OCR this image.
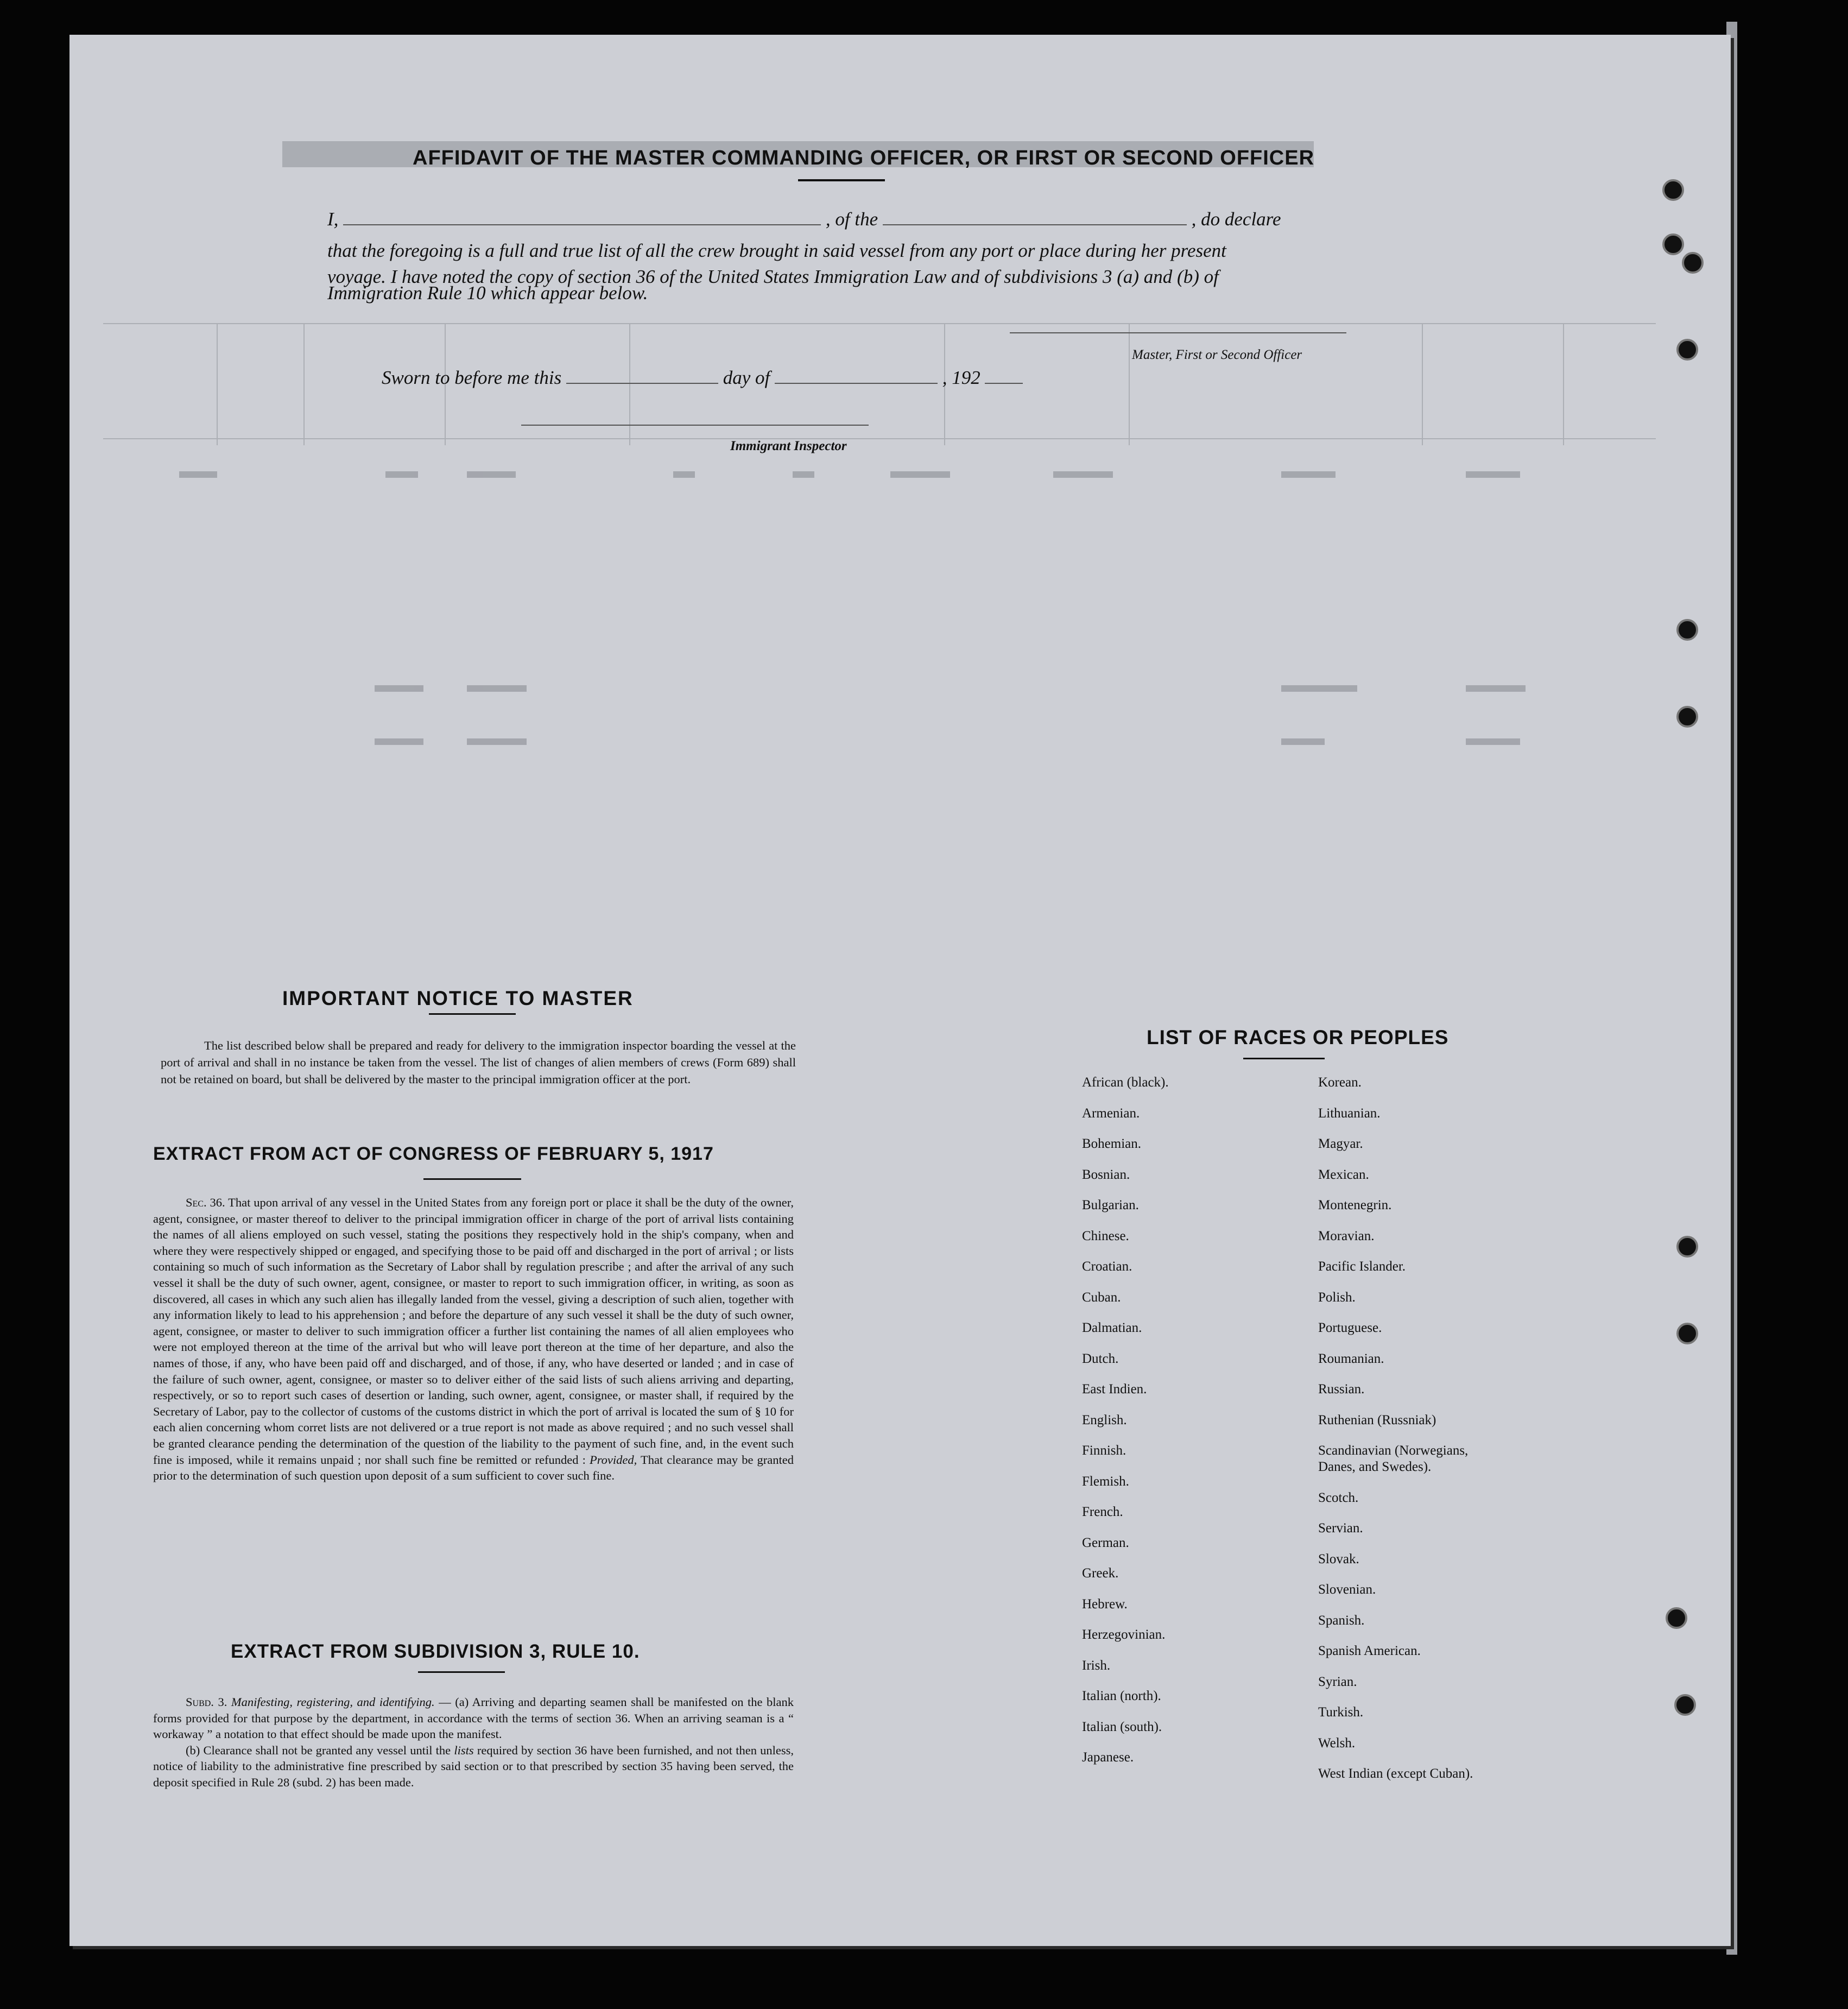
AFFIDAVIT OF THE MASTER COMMANDING OFFICER, OR FIRST OR SECOND OFFICER
I,	, of the	, do declare
that the foregoing is a full and true list of all the crew brought in said vessel from any port or place during her present
voyage. I have noted the copy of section 36 of the United States Immigration Law and of subdivisions 3 (a) and (b) of
Immigration Rule 10 which appear below.
Master, First or Second Officer
Sworn to before me this	day of	, 192
Immigrant Inspector
IMPORTANT NOTICE TO MASTER
The list described below shall be prepared and ready for delivery to the immigration inspector boarding the vessel at the port of arrival and shall in no instance be taken from the vessel. The list of changes of alien members of crews (Form 689) shall not be retained on board, but shall be delivered by the master to the principal immigration officer at the port.
EXTRACT FROM ACT OF CONGRESS OF FEBRUARY 5, 1917
Sec. 36. That upon arrival of any vessel in the United States from any foreign port or place it shall be the duty of the owner, agent, consignee, or master thereof to deliver to the principal immigration officer in charge of the port of arrival lists containing the names of all aliens employed on such vessel, stating the positions they respectively hold in the ship's company, when and where they were respectively shipped or engaged, and specifying those to be paid off and discharged in the port of arrival ; or lists containing so much of such information as the Secretary of Labor shall by regulation prescribe ; and after the arrival of any such vessel it shall be the duty of such owner, agent, consignee, or master to report to such immigration officer, in writing, as soon as discovered, all cases in which any such alien has illegally landed from the vessel, giving a description of such alien, together with any information likely to lead to his apprehension ; and before the departure of any such vessel it shall be the duty of such owner, agent, consignee, or master to deliver to such immigration officer a further list containing the names of all alien employees who were not employed thereon at the time of the arrival but who will leave port thereon at the time of her departure, and also the names of those, if any, who have been paid off and discharged, and of those, if any, who have deserted or landed ; and in case of the failure of such owner, agent, consignee, or master so to deliver either of the said lists of such aliens arriving and departing, respectively, or so to report such cases of desertion or landing, such owner, agent, consignee, or master shall, if required by the Secretary of Labor, pay to the collector of customs of the customs district in which the port of arrival is located the sum of § 10 for each alien concerning whom corret lists are not delivered or a true report is not made as above required ; and no such vessel shall be granted clearance pending the determination of the question of the liability to the payment of such fine, and, in the event such fine is imposed, while it remains unpaid ; nor shall such fine be remitted or refunded : Provided, That clearance may be granted prior to the determination of such question upon deposit of a sum sufficient to cover such fine.
EXTRACT FROM SUBDIVISION 3, RULE 10.

Subd. 3. Manifesting, registering, and identifying. — (a) Arriving and departing seamen shall be manifested on the blank forms provided for that purpose by the department, in accordance with the terms of section 36. When an arriving seaman is a “ workaway ” a notation to that effect should be made upon the manifest.

(b) Clearance shall not be granted any vessel until the lists required by section 36 have been furnished, and not then unless, notice of liability to the administrative fine prescribed by said section or to that prescribed by section 35 having been served, the deposit specified in Rule 28 (subd. 2) has been made.

LIST OF RACES OR PEOPLES
African (black).
Armenian.
Bohemian.
Bosnian.
Bulgarian.
Chinese.
Croatian.
Cuban.
Dalmatian.
Dutch.
East Indien.
English.
Finnish.
Flemish.
French.
German.
Greek.
Hebrew.
Herzegovinian.
Irish.
Italian (north).
Italian (south).
Japanese.
Korean.
Lithuanian.
Magyar.
Mexican.
Montenegrin.
Moravian.
Pacific Islander.
Polish.
Portuguese.
Roumanian.
Russian.
Ruthenian (Russniak)
Scandinavian (Norwegians,
Danes, and Swedes).
Scotch.
Servian.
Slovak.
Slovenian.
Spanish.
Spanish American.
Syrian.
Turkish.
Welsh.
West Indian (except Cuban).
